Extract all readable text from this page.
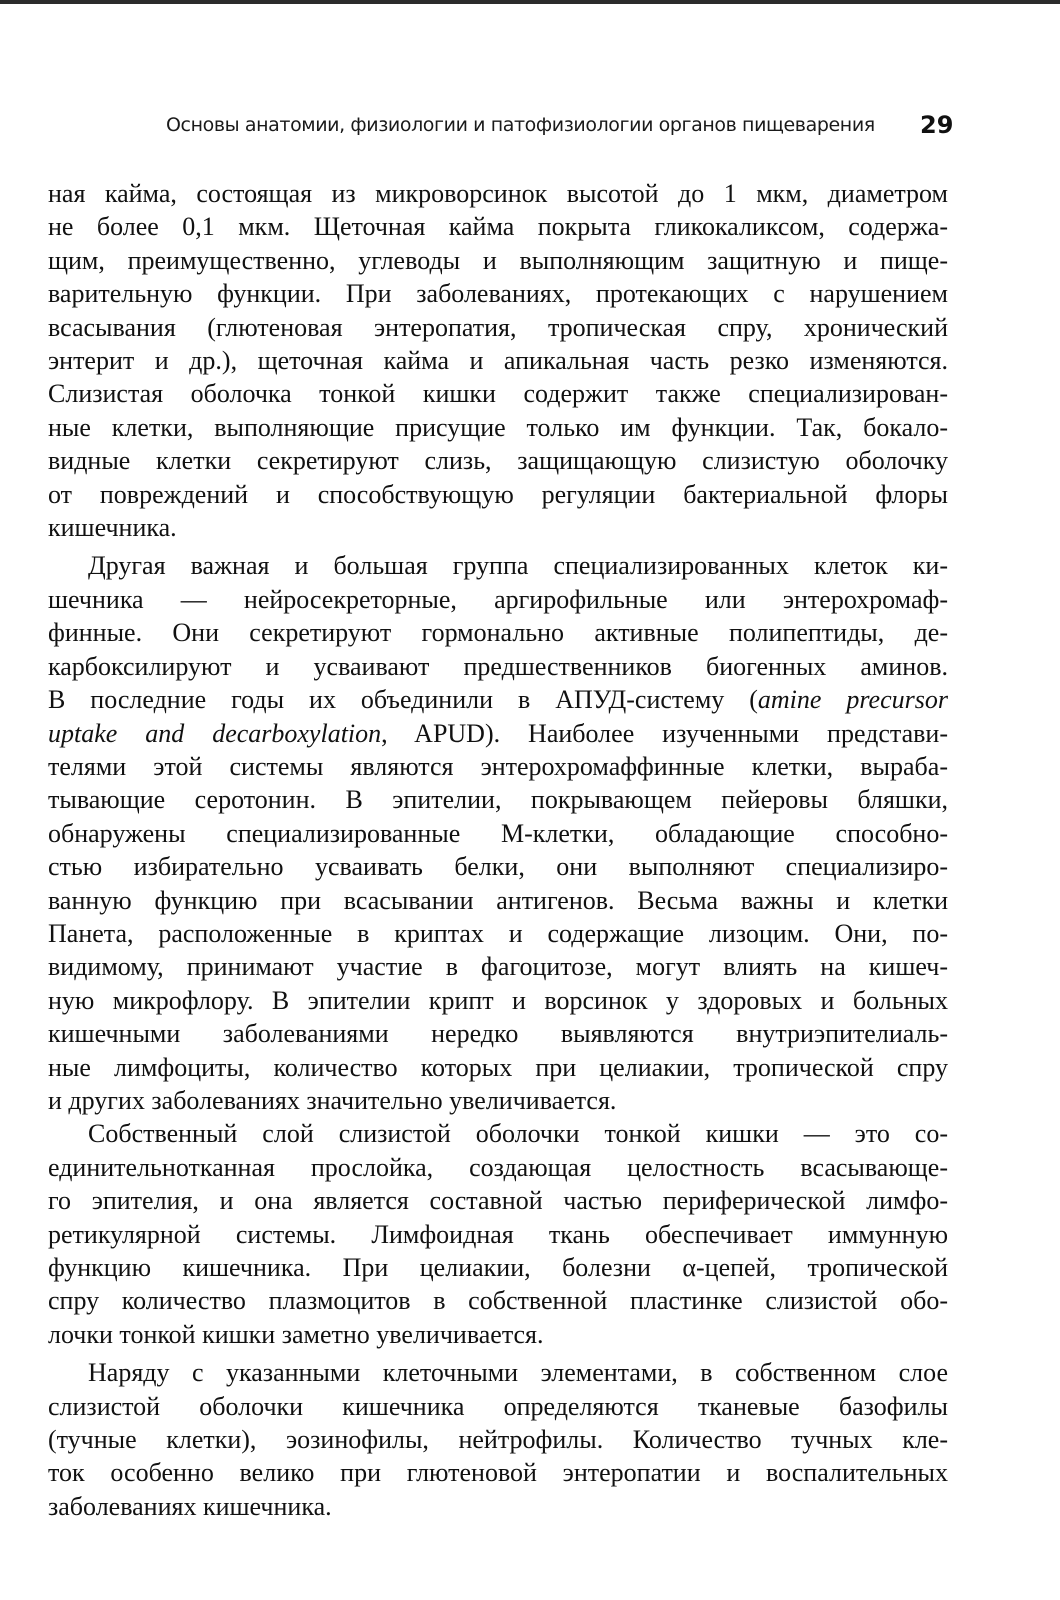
Основы анатомии, физиологии и патофизиологии органов пищеварения 29
ная кайма, состоящая из микроворсинок высотой до 1 мкм, диаметром
не более 0,1 мкм. Щеточная кайма покрыта гликокаликсом, содержа-
щим, преимущественно, углеводы и выполняющим защитную и пище-
варительную функции. При заболеваниях, протекающих с нарушением
всасывания (глютеновая энтеропатия, тропическая спру, хронический
энтерит и др.), щеточная кайма и апикальная часть резко изменяются.
Слизистая оболочка тонкой кишки содержит также специализирован-
ные клетки, выполняющие присущие только им функции. Так, бокало-
видные клетки секретируют слизь, защищающую слизистую оболочку
от повреждений и способствующую регуляции бактериальной флоры
кишечника.
Другая важная и большая группа специализированных клеток ки-
шечника — нейросекреторные, аргирофильные или энтерохромаф-
финные. Они секретируют гормонально активные полипептиды, де-
карбоксилируют и усваивают предшественников биогенных аминов.
В последние годы их объединили в АПУД-систему (amine precursor
uptake and decarboxylation, APUD). Наиболее изученными представи-
телями этой системы являются энтерохромаффинные клетки, выраба-
тывающие серотонин. В эпителии, покрывающем пейеровы бляшки,
обнаружены специализированные М-клетки, обладающие способно-
стью избирательно усваивать белки, они выполняют специализиро-
ванную функцию при всасывании антигенов. Весьма важны и клетки
Панета, расположенные в криптах и содержащие лизоцим. Они, по-
видимому, принимают участие в фагоцитозе, могут влиять на кишеч-
ную микрофлору. В эпителии крипт и ворсинок у здоровых и больных
кишечными заболеваниями нередко выявляются внутриэпителиаль-
ные лимфоциты, количество которых при целиакии, тропической спру
и других заболеваниях значительно увеличивается.
Собственный слой слизистой оболочки тонкой кишки — это со-
единительнотканная прослойка, создающая целостность всасывающе-
го эпителия, и она является составной частью периферической лимфо-
ретикулярной системы. Лимфоидная ткань обеспечивает иммунную
функцию кишечника. При целиакии, болезни α-цепей, тропической
спру количество плазмоцитов в собственной пластинке слизистой обо-
лочки тонкой кишки заметно увеличивается.
Наряду с указанными клеточными элементами, в собственном слое
слизистой оболочки кишечника определяются тканевые базофилы
(тучные клетки), эозинофилы, нейтрофилы. Количество тучных кле-
ток особенно велико при глютеновой энтеропатии и воспалительных
заболеваниях кишечника.
